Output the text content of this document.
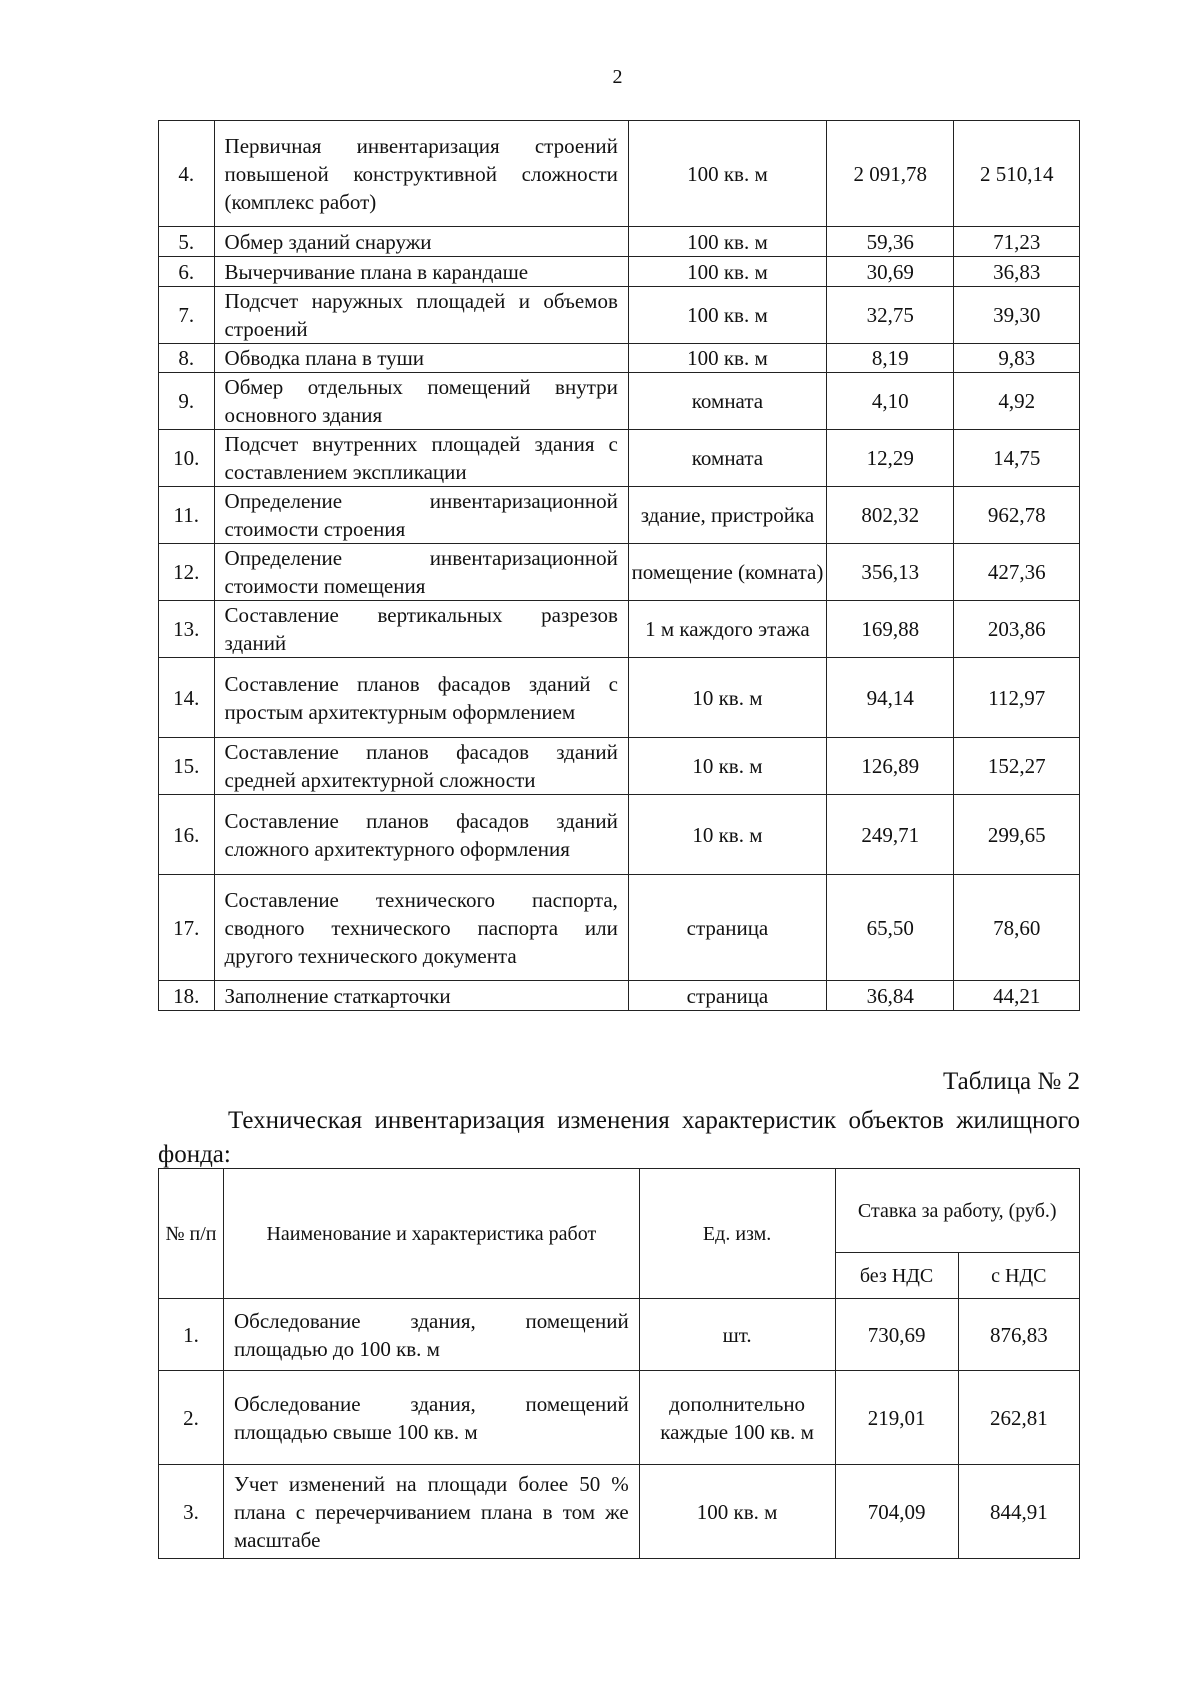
2
4.	Первичная инвентаризация строений повышеной конструктивной сложности (комплекс работ)	100 кв. м	2 091,78	2 510,14
5.	Обмер зданий снаружи	100 кв. м	59,36	71,23
6.	Вычерчивание плана в карандаше	100 кв. м	30,69	36,83
7.	Подсчет наружных площадей и объемов строений	100 кв. м	32,75	39,30
8.	Обводка плана в туши	100 кв. м	8,19	9,83
9.	Обмер отдельных помещений внутри основного здания	комната	4,10	4,92
10.	Подсчет внутренних площадей здания с составлением экспликации	комната	12,29	14,75
11.	Определение инвентаризационной стоимости строения	здание, пристройка	802,32	962,78
12.	Определение инвентаризационной стоимости помещения	помещение (комната)	356,13	427,36
13.	Составление вертикальных разрезов зданий	1 м каждого этажа	169,88	203,86
14.	Составление планов фасадов зданий с простым архитектурным оформлением	10 кв. м	94,14	112,97
15.	Составление планов фасадов зданий средней архитектурной сложности	10 кв. м	126,89	152,27
16.	Составление планов фасадов зданий сложного архитектурного оформления	10 кв. м	249,71	299,65
17.	Составление технического паспорта, сводного технического паспорта или другого технического документа	страница	65,50	78,60
18.	Заполнение статкарточки	страница	36,84	44,21
Таблица № 2
Техническая инвентаризация изменения характеристик объектов жилищного фонда:
№ п/п	Наименование и характеристика работ	Ед. изм.	Ставка за работу, (руб.)	
			без НДС	с НДС
1.	Обследование здания, помещений площадью до 100 кв. м	шт.	730,69	876,83
2.	Обследование здания, помещений площадью свыше 100 кв. м	дополнительно каждые 100 кв. м	219,01	262,81
3.	Учет изменений на площади более 50 % плана с перечерчиванием плана в том же масштабе	100 кв. м	704,09	844,91
